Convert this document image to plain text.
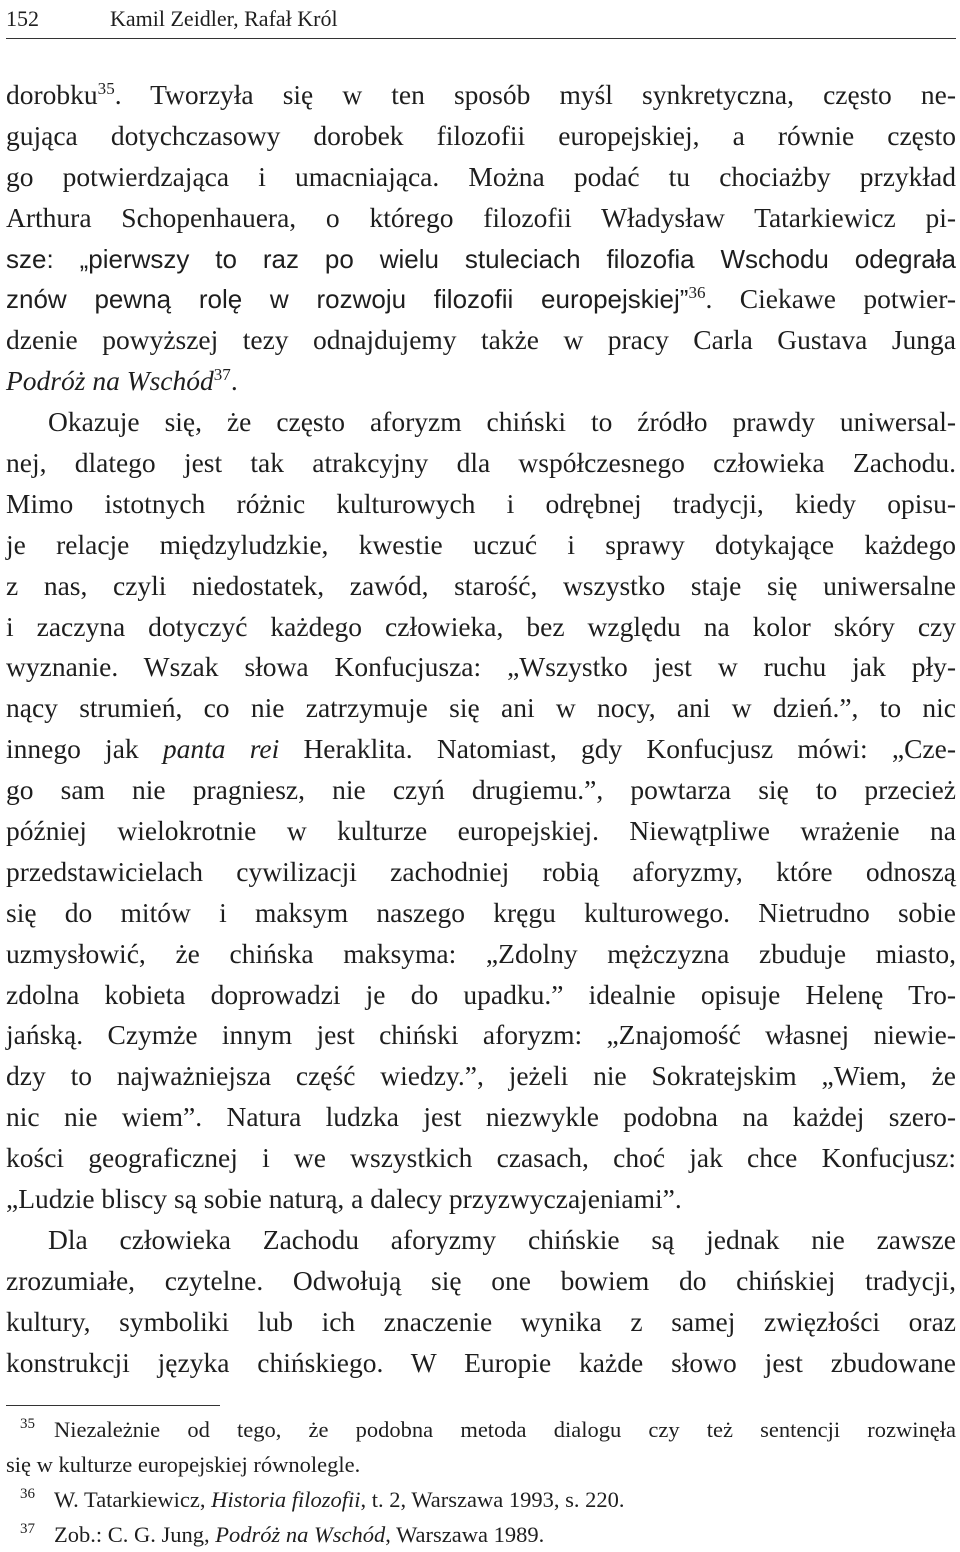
152	Kamil Zeidler, Rafał Król
dorobku$^{35}$. Tworzyła się w ten sposób myśl synkretyczna, często ne-
gująca dotychczasowy dorobek filozofii europejskiej, a równie często
go potwierdzająca i umacniająca. Można podać tu chociażby przykład
Arthura Schopenhauera, o którego filozofii Władysław Tatarkiewicz pi-
sze: „pierwszy to raz po wielu stuleciach filozofia Wschodu odegrała
znów pewną rolę w rozwoju filozofii europejskiej”$^{36}$. Ciekawe potwier-
dzenie powyższej tezy odnajdujemy także w pracy Carla Gustava Junga
Podróż na Wschód$^{37}$.
Okazuje się, że często aforyzm chiński to źródło prawdy uniwersal-
nej, dlatego jest tak atrakcyjny dla współczesnego człowieka Zachodu.
Mimo istotnych różnic kulturowych i odrębnej tradycji, kiedy opisu-
je relacje międzyludzkie, kwestie uczuć i sprawy dotykające każdego
z nas, czyli niedostatek, zawód, starość, wszystko staje się uniwersalne
i zaczyna dotyczyć każdego człowieka, bez względu na kolor skóry czy
wyznanie. Wszak słowa Konfucjusza: „Wszystko jest w ruchu jak pły-
nący strumień, co nie zatrzymuje się ani w nocy, ani w dzień.”, to nic
innego jak panta rei Heraklita. Natomiast, gdy Konfucjusz mówi: „Cze-
go sam nie pragniesz, nie czyń drugiemu.”, powtarza się to przecież
później wielokrotnie w kulturze europejskiej. Niewątpliwe wrażenie na
przedstawicielach cywilizacji zachodniej robią aforyzmy, które odnoszą
się do mitów i maksym naszego kręgu kulturowego. Nietrudno sobie
uzmysłowić, że chińska maksyma: „Zdolny mężczyzna zbuduje miasto,
zdolna kobieta doprowadzi je do upadku.” idealnie opisuje Helenę Tro-
jańską. Czymże innym jest chiński aforyzm: „Znajomość własnej niewie-
dzy to najważniejsza część wiedzy.”, jeżeli nie Sokratejskim „Wiem, że
nic nie wiem”. Natura ludzka jest niezwykle podobna na każdej szero-
kości geograficznej i we wszystkich czasach, choć jak chce Konfucjusz:
„Ludzie bliscy są sobie naturą, a dalecy przyzwyczajeniami”.
Dla człowieka Zachodu aforyzmy chińskie są jednak nie zawsze
zrozumiałe, czytelne. Odwołują się one bowiem do chińskiej tradycji,
kultury, symboliki lub ich znaczenie wynika z samej zwięzłości oraz
konstrukcji języka chińskiego. W Europie każde słowo jest zbudowane
35 Niezależnie od tego, że podobna metoda dialogu czy też sentencji rozwinęła
się w kulturze europejskiej równolegle.
36 W. Tatarkiewicz, Historia filozofii, t. 2, Warszawa 1993, s. 220.
37 Zob.: C. G. Jung, Podróż na Wschód, Warszawa 1989.
